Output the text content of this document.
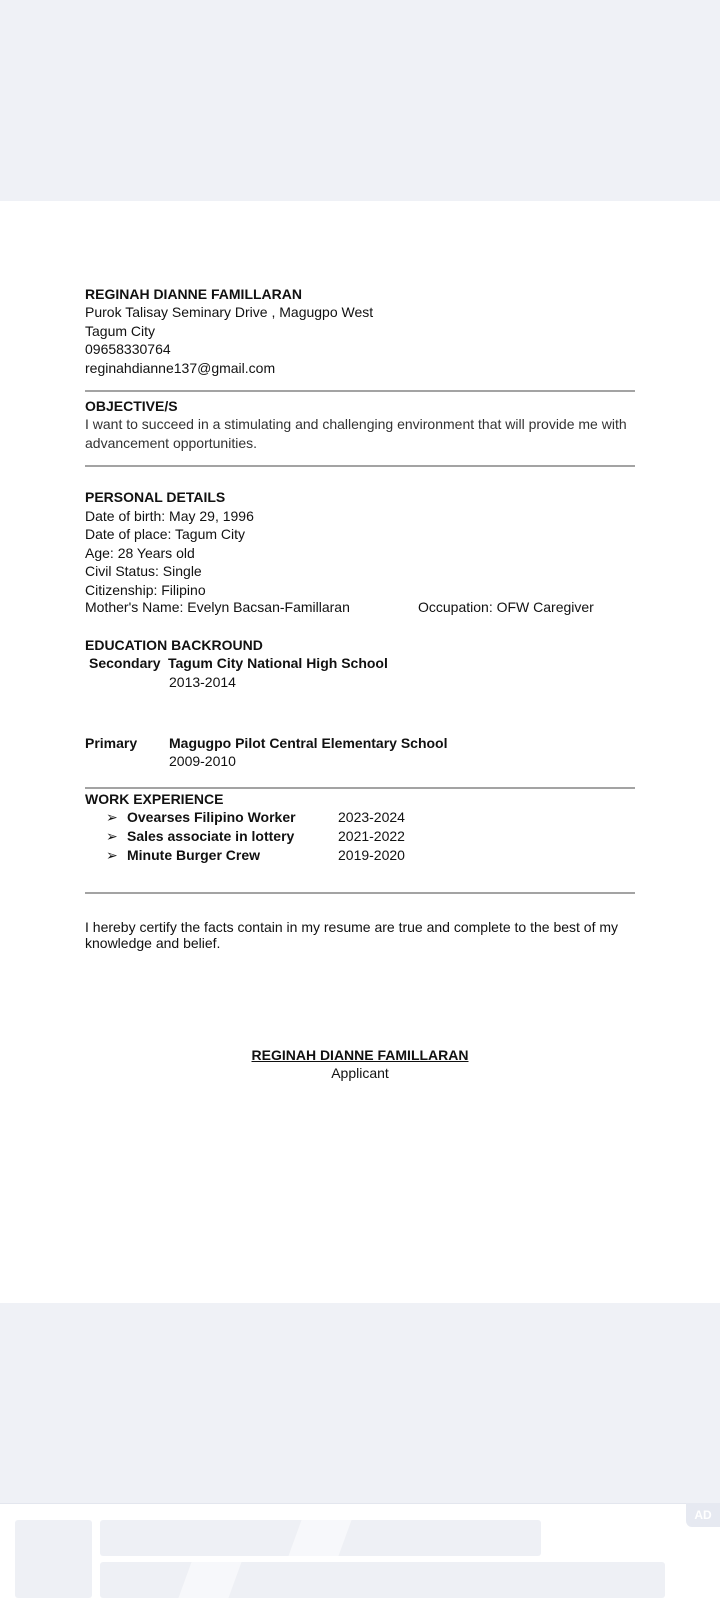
REGINAH DIANNE FAMILLARAN
Purok Talisay Seminary Drive , Magugpo West
Tagum City
09658330764
reginahdianne137@gmail.com
OBJECTIVE/S
I want to succeed in a stimulating and challenging environment that will provide me with
advancement opportunities.
PERSONAL DETAILS
Date of birth: May 29, 1996
Date of place: Tagum City
Age: 28 Years old
Civil Status: Single
Citizenship: Filipino
Mother's Name: Evelyn Bacsan-Famillaran	Occupation: OFW Caregiver
EDUCATION BACKROUND
Secondary Tagum City National High School
2013-2014
Primary Magugpo Pilot Central Elementary School
2009-2010
WORK EXPERIENCE
➢ Ovearses Filipino Worker	2023-2024
➢ Sales associate in lottery	2021-2022
➢ Minute Burger Crew	2019-2020
I hereby certify the facts contain in my resume are true and complete to the best of my
knowledge and belief.
REGINAH DIANNE FAMILLARAN
Applicant
AD
